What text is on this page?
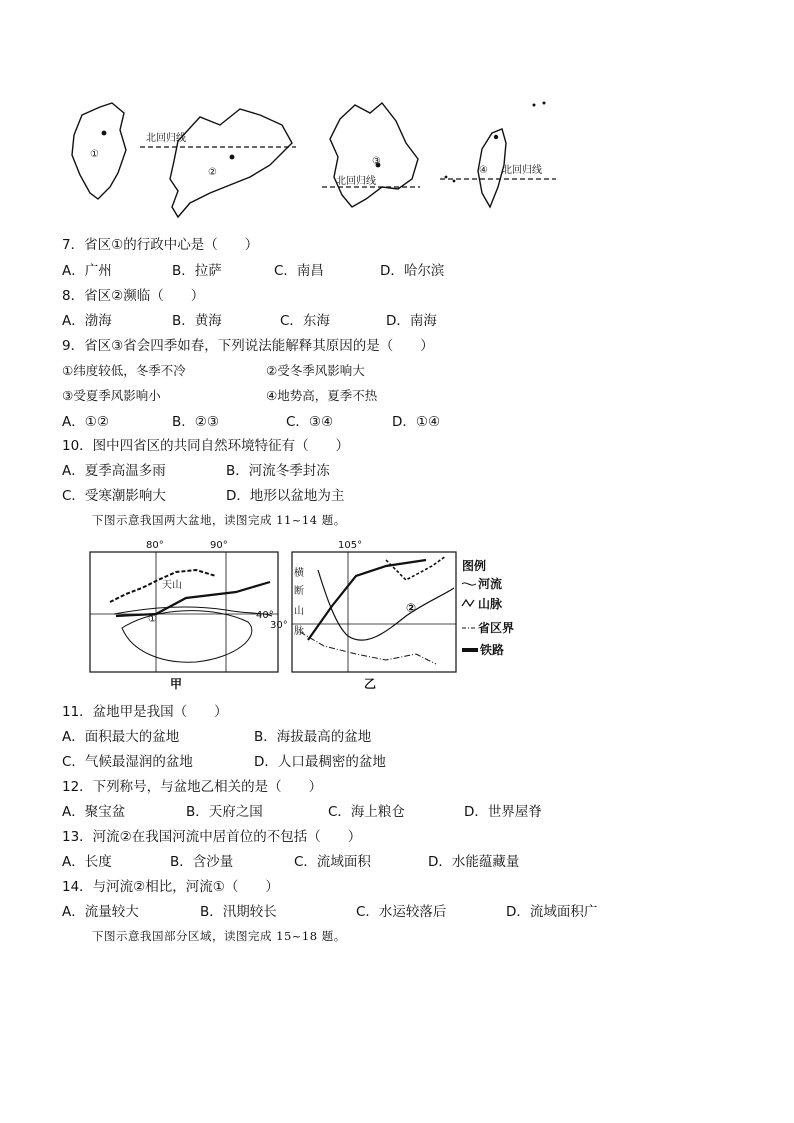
①
②
北回归线
北回归线
④ 北回归线
③
7．省区①的行政中心是（　　）
A．广州	B．拉萨	C．南昌	D．哈尔滨
8．省区②濒临（　　）
A．渤海	B．黄海	C．东海	D．南海
9．省区③省会四季如春，下列说法能解释其原因的是（　　）
①纬度较低，冬季不冷	②受冬季风影响大
③受夏季风影响小	④地势高，夏季不热
A．①②	B．②③	C．③④	D．①④
10．图中四省区的共同自然环境特征有（　　）
A．夏季高温多雨	B．河流冬季封冻
C．受寒潮影响大	D．地形以盆地为主
下图示意我国两大盆地，读图完成 11~14 题。
80°	90°
40°
天山
①
甲
105°
30°
横
断
山
脉
②
乙
图例
河流
山脉
省区界
铁路
11．盆地甲是我国（　　）
A．面积最大的盆地	B．海拔最高的盆地
C．气候最湿润的盆地	D．人口最稠密的盆地
12．下列称号，与盆地乙相关的是（　　）
A．聚宝盆	B．天府之国	C．海上粮仓	D．世界屋脊
13．河流②在我国河流中居首位的不包括（　　）
A．长度	B．含沙量	C．流域面积	D．水能蕴藏量
14．与河流②相比，河流①（　　）
A．流量较大	B．汛期较长	C．水运较落后	D．流域面积广
下图示意我国部分区域，读图完成 15~18 题。
